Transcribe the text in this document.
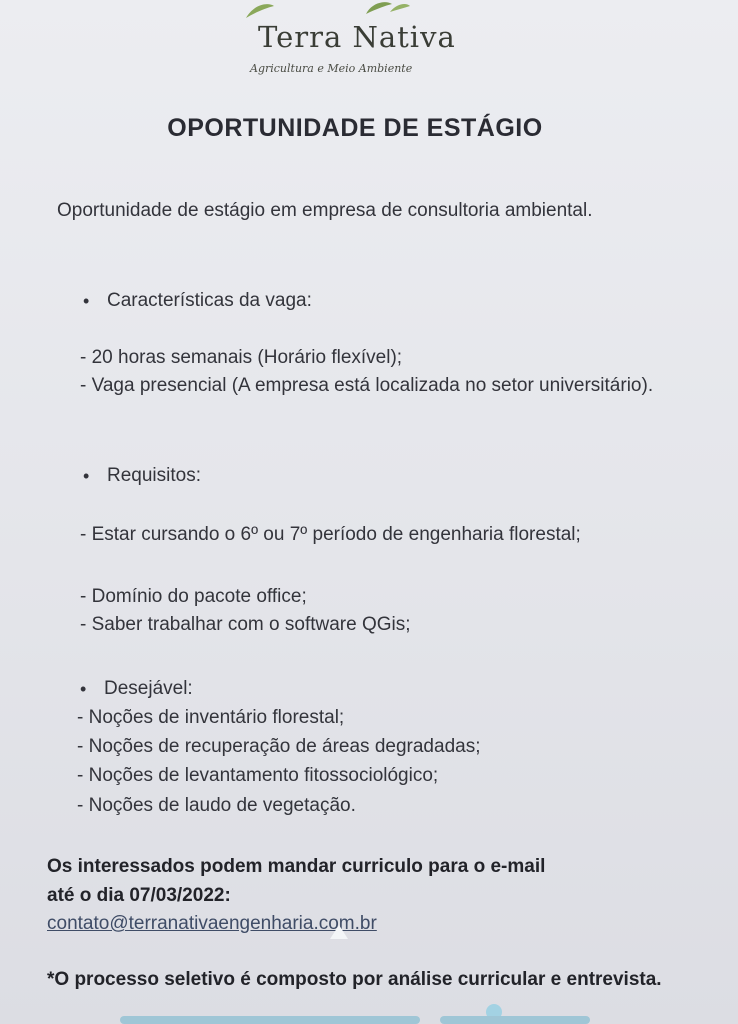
Terra Nativa
Agricultura e Meio Ambiente
OPORTUNIDADE DE ESTÁGIO
Oportunidade de estágio em empresa de consultoria ambiental.
• Características da vaga:
- 20 horas semanais (Horário flexível);
- Vaga presencial (A empresa está localizada no setor universitário).
• Requisitos:
- Estar cursando o 6º ou 7º período de engenharia florestal;
- Domínio do pacote office;
- Saber trabalhar com o software QGis;
• Desejável:
- Noções de inventário florestal;
- Noções de recuperação de áreas degradadas;
- Noções de levantamento fitossociológico;
- Noções de laudo de vegetação.
Os interessados podem mandar curriculo para o e-mail
até o dia 07/03/2022:
contato@terranativaengenharia.com.br
*O processo seletivo é composto por análise curricular e entrevista.
